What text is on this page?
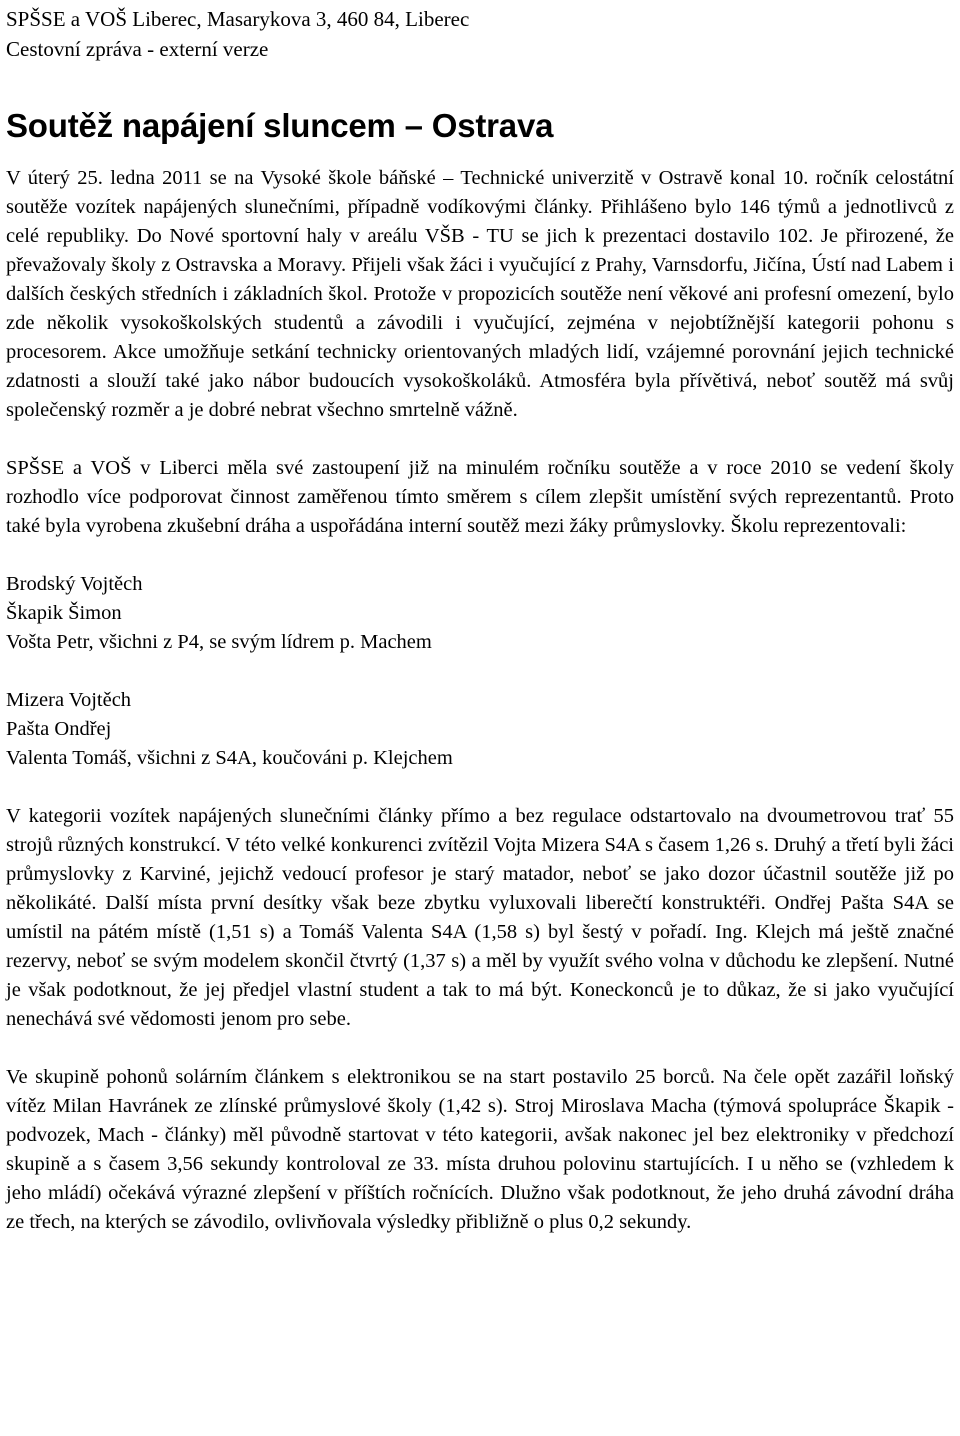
SPŠSE a VOŠ Liberec, Masarykova 3, 460 84, Liberec

Cestovní zpráva - externí verze

Soutěž napájení sluncem – Ostrava

V úterý 25. ledna 2011 se na Vysoké škole báňské – Technické univerzitě v Ostravě konal 10. ročník celostátní soutěže vozítek napájených slunečními, případně vodíkovými články. Přihlášeno bylo 146 týmů a jednotlivců z celé republiky. Do Nové sportovní haly v areálu VŠB - TU se jich k prezentaci dostavilo 102. Je přirozené, že převažovaly školy z Ostravska a Moravy. Přijeli však žáci i vyučující z Prahy, Varnsdorfu, Jičína, Ústí nad Labem i dalších českých středních i základních škol. Protože v propozicích soutěže není věkové ani profesní omezení, bylo zde několik vysokoškolských studentů a závodili i vyučující, zejména v nejobtížnější kategorii pohonu s procesorem. Akce umožňuje setkání technicky orientovaných mladých lidí, vzájemné porovnání jejich technické zdatnosti a slouží také jako nábor budoucích vysokoškoláků. Atmosféra byla přívětivá, neboť soutěž má svůj společenský rozměr a je dobré nebrat všechno smrtelně vážně.

SPŠSE a VOŠ v Liberci měla své zastoupení již na minulém ročníku soutěže a v roce 2010 se vedení školy rozhodlo více podporovat činnost zaměřenou tímto směrem s cílem zlepšit umístění svých reprezentantů. Proto také byla vyrobena zkušební dráha a uspořádána interní soutěž mezi žáky průmyslovky. Školu reprezentovali:

Brodský Vojtěch
Škapik Šimon
Vošta Petr, všichni z P4, se svým lídrem p. Machem
Mizera Vojtěch
Pašta Ondřej
Valenta Tomáš, všichni z S4A, koučováni p. Klejchem

V kategorii vozítek napájených slunečními články přímo a bez regulace odstartovalo na dvoumetrovou trať 55 strojů různých konstrukcí. V této velké konkurenci zvítězil Vojta Mizera S4A s časem 1,26 s. Druhý a třetí byli žáci průmyslovky z Karviné, jejichž vedoucí profesor je starý matador, neboť se jako dozor účastnil soutěže již po několikáté. Další místa první desítky však beze zbytku vyluxovali liberečtí konstruktéři. Ondřej Pašta S4A se umístil na pátém místě (1,51 s) a Tomáš Valenta S4A (1,58 s) byl šestý v pořadí. Ing. Klejch má ještě značné rezervy, neboť se svým modelem skončil čtvrtý (1,37 s) a měl by využít svého volna v důchodu ke zlepšení. Nutné je však podotknout, že jej předjel vlastní student a tak to má být. Koneckonců je to důkaz, že si jako vyučující nenechává své vědomosti jenom pro sebe.

Ve skupině pohonů solárním článkem s elektronikou se na start postavilo 25 borců. Na čele opět zazářil loňský vítěz Milan Havránek ze zlínské průmyslové školy (1,42 s). Stroj Miroslava Macha (týmová spolupráce Škapik - podvozek, Mach - články) měl původně startovat v této kategorii, avšak nakonec jel bez elektroniky v předchozí skupině a s časem 3,56 sekundy kontroloval ze 33. místa druhou polovinu startujících. I u něho se (vzhledem k jeho mládí) očekává výrazné zlepšení v příštích ročnících. Dlužno však podotknout, že jeho druhá závodní dráha ze třech, na kterých se závodilo, ovlivňovala výsledky přibližně o plus 0,2 sekundy.
